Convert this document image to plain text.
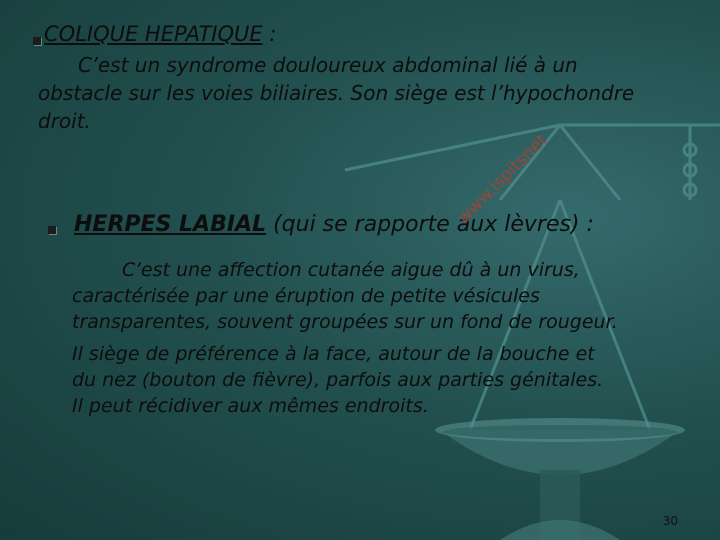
COLIQUE HEPATIQUE :
C’est un syndrome douloureux abdominal lié à un
obstacle sur les voies biliaires. Son siège est l’hypochondre
droit.
HERPES LABIAL (qui se rapporte aux lèvres) :
C’est une affection cutanée aigue dû à un virus,
caractérisée par une éruption de petite vésicules
transparentes, souvent groupées sur un fond de rougeur.
Il siège de préférence à la face, autour de la bouche et
du nez (bouton de fièvre), parfois aux parties génitales.
Il peut récidiver aux mêmes endroits.
www.ispitsnet
30
